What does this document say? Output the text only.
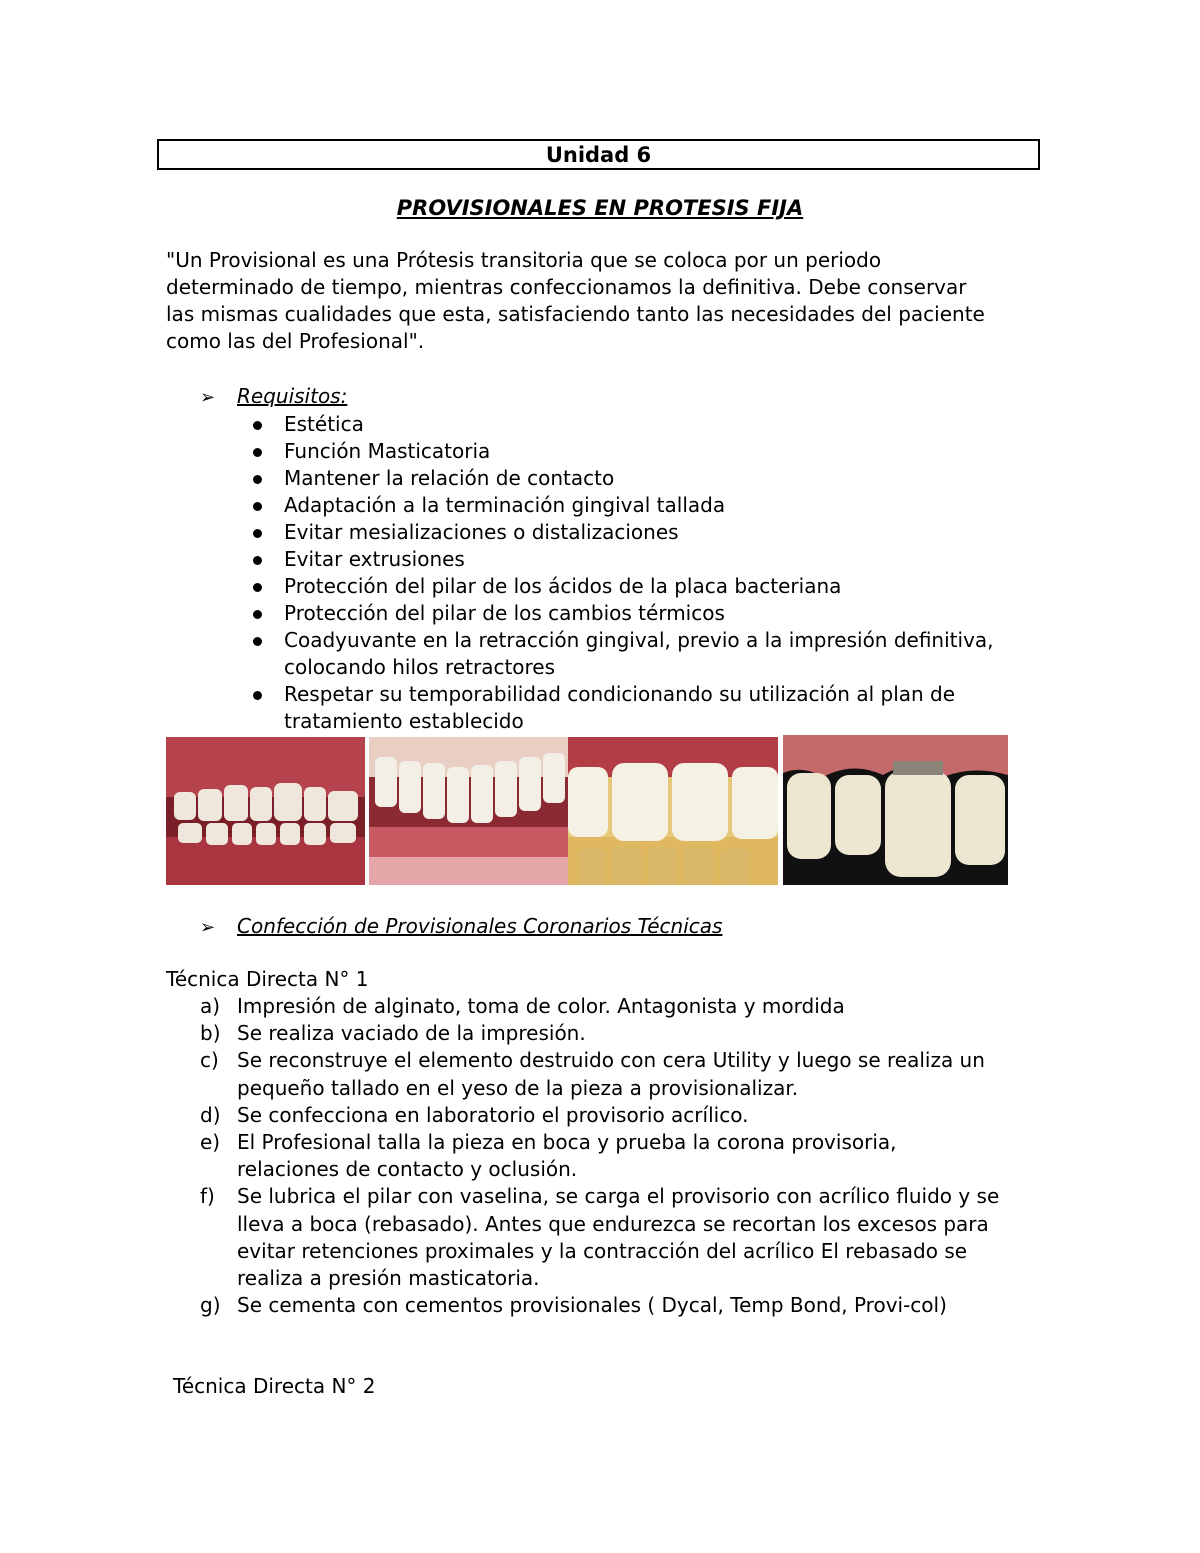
Unidad 6
PROVISIONALES EN PROTESIS FIJA

"Un Provisional es una Prótesis transitoria que se coloca por un periodo

determinado de tiempo, mientras confeccionamos la definitiva. Debe conservar

las mismas cualidades que esta, satisfaciendo tanto las necesidades del paciente

como las del Profesional".

➢ Requisitos:
Estética
Función Masticatoria
Mantener la relación de contacto
Adaptación a la terminación gingival tallada
Evitar mesializaciones o distalizaciones
Evitar extrusiones
Protección del pilar de los ácidos de la placa bacteriana
Protección del pilar de los cambios térmicos
Coadyuvante en la retracción gingival, previo a la impresión definitiva,
colocando hilos retractores
Respetar su temporabilidad condicionando su utilización al plan de
tratamiento establecido
➢ Confección de Provisionales Coronarios Técnicas
Técnica Directa N° 1
a) Impresión de alginato, toma de color. Antagonista y mordida
b) Se realiza vaciado de la impresión.
c) Se reconstruye el elemento destruido con cera Utility y luego se realiza un
pequeño tallado en el yeso de la pieza a provisionalizar.
d) Se confecciona en laboratorio el provisorio acrílico.
e) El Profesional talla la pieza en boca y prueba la corona provisoria,
relaciones de contacto y oclusión.
f) Se lubrica el pilar con vaselina, se carga el provisorio con acrílico fluido y se
lleva a boca (rebasado). Antes que endurezca se recortan los excesos para
evitar retenciones proximales y la contracción del acrílico El rebasado se
realiza a presión masticatoria.
g) Se cementa con cementos provisionales ( Dycal, Temp Bond, Provi-col)
Técnica Directa N° 2
